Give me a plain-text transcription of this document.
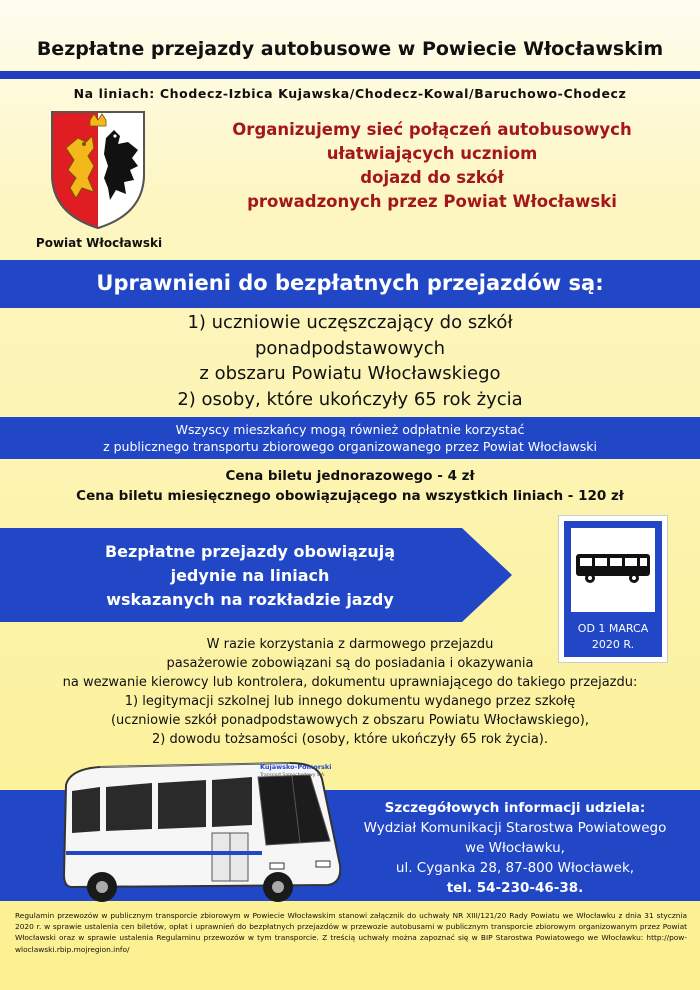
Bezpłatne przejazdy autobusowe w Powiecie Włocławskim
Na liniach: Chodecz-Izbica Kujawska/Chodecz-Kowal/Baruchowo-Chodecz
Powiat Włocławski
Organizujemy sieć połączeń autobusowych
ułatwiających uczniom
dojazd do szkół
prowadzonych przez Powiat Włocławski
Uprawnieni do bezpłatnych przejazdów są:
1) uczniowie uczęszczający do szkół
ponadpodstawowych
z obszaru Powiatu Włocławskiego
2) osoby, które ukończyły 65 rok życia
Wszyscy mieszkańcy mogą również odpłatnie korzystać
z publicznego transportu zbiorowego organizowanego przez Powiat Włocławski
Cena biletu jednorazowego - 4 zł
Cena biletu miesięcznego obowiązującego na wszystkich liniach - 120 zł
Bezpłatne przejazdy obowiązują
jedynie na liniach
wskazanych na rozkładzie jazdy
OD 1 MARCA
2020 R.
W razie korzystania z darmowego przejazdu
pasażerowie zobowiązani są do posiadania i okazywania
na wezwanie kierowcy lub kontrolera, dokumentu uprawniającego do takiego przejazdu:
1) legitymacji szkolnej lub innego dokumentu wydanego przez szkołę
(uczniowie szkół ponadpodstawowych z obszaru Powiatu Włocławskiego),
2) dowodu tożsamości (osoby, które ukończyły 65 rok życia).
Kujawsko-Pomorski
Transport Samochodowy S.A.
Szczegółowych informacji udziela:
Wydział Komunikacji Starostwa Powiatowego
we Włocławku,
ul. Cyganka 28, 87-800 Włocławek,
tel. 54-230-46-38.
Regulamin przewozów w publicznym transporcie zbiorowym w Powiecie Włocławskim stanowi załącznik do uchwały NR XIII/121/20 Rady Powiatu we Włocławku z dnia 31 stycznia 2020 r. w sprawie ustalenia cen biletów, opłat i uprawnień do bezpłatnych przejazdów w przewozie autobusami w publicznym transporcie zbiorowym organizowanym przez Powiat Włocławski oraz w sprawie ustalenia Regulaminu przewozów w tym transporcie. Z treścią uchwały można zapoznać się w BIP Starostwa Powiatowego we Włocławku: http://pow-wloclawski.rbip.mojregion.info/
